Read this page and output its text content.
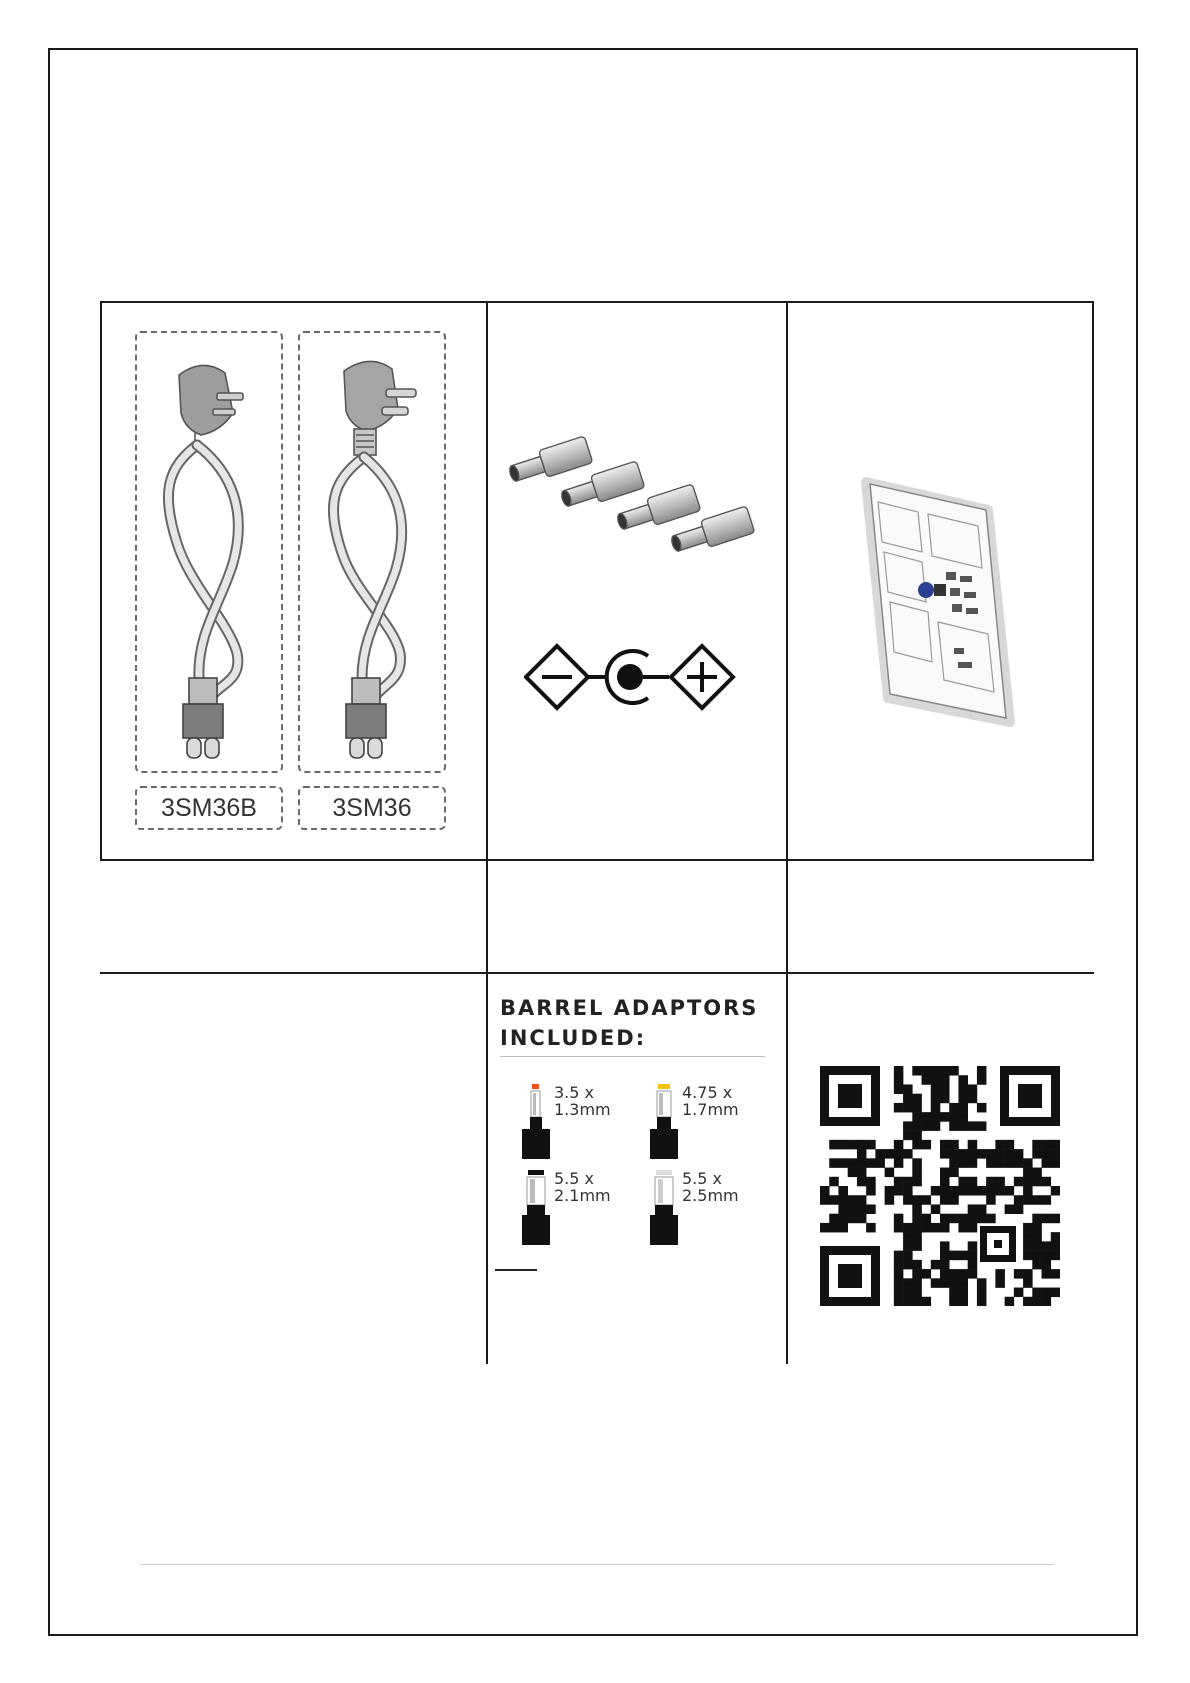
3SM36B	3SM36
BARREL ADAPTORS
INCLUDED:
3.5 x
1.3mm
4.75 x
1.7mm
5.5 x
2.1mm
5.5 x
2.5mm
